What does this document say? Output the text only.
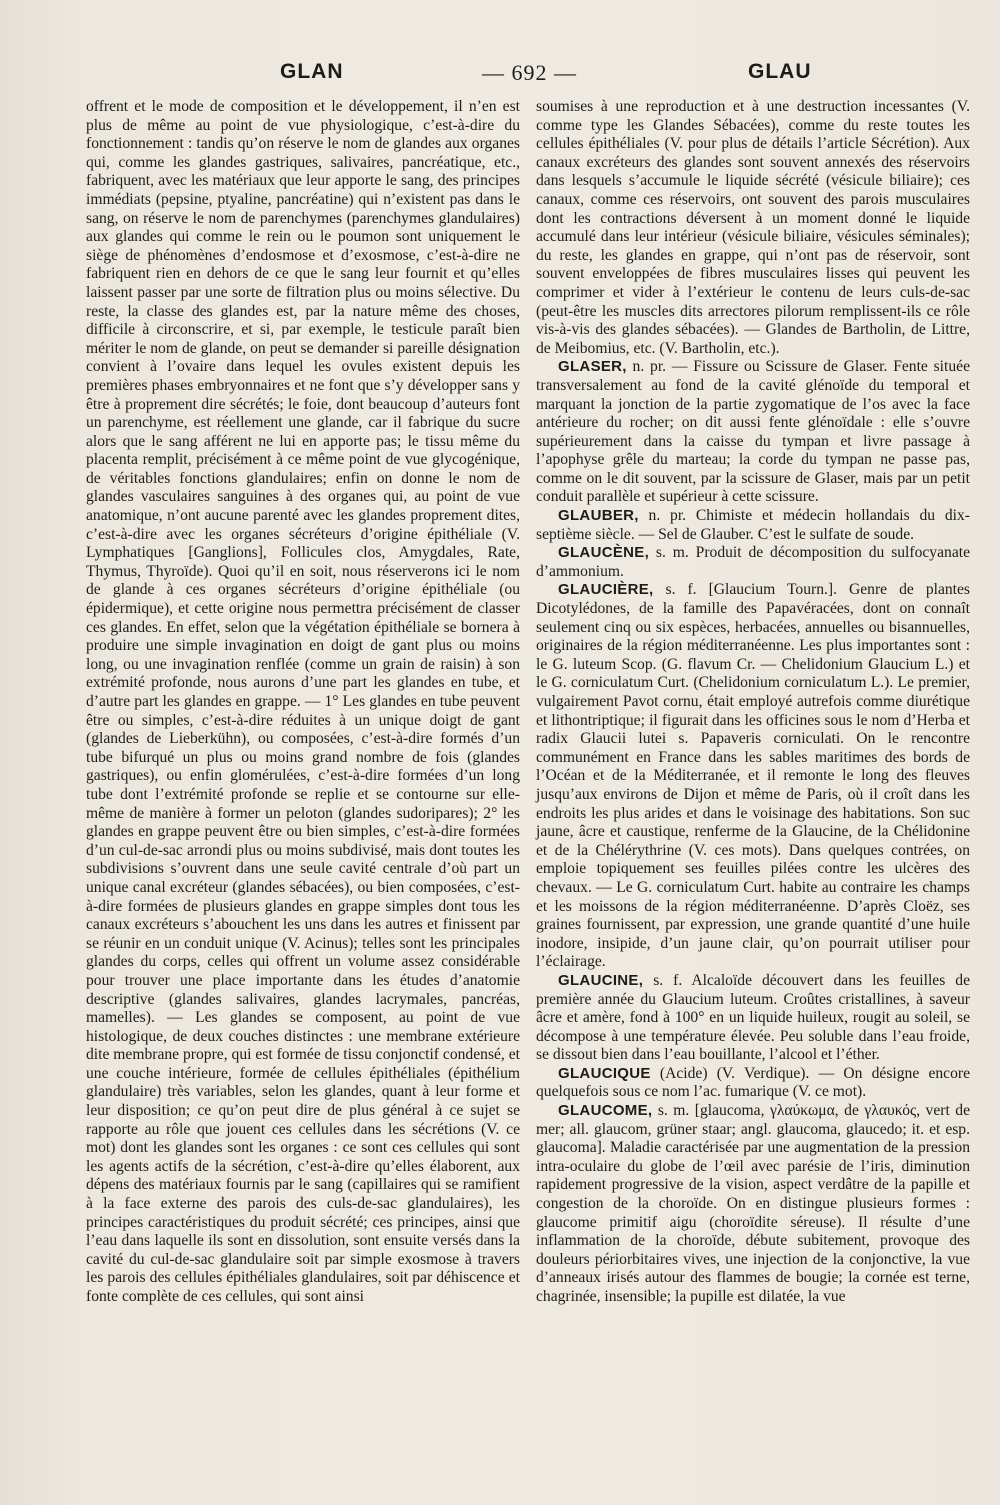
GLAN	— 692 —	GLAU

offrent et le mode de composition et le développement, il n’en est plus de même au point de vue physiologique, c’est-à-dire du fonctionnement : tandis qu’on réserve le nom de glandes aux organes qui, comme les glandes gastriques, salivaires, pancréatique, etc., fabriquent, avec les matériaux que leur apporte le sang, des principes immédiats (pepsine, ptyaline, pancréatine) qui n’existent pas dans le sang, on réserve le nom de parenchymes (parenchymes glandulaires) aux glandes qui comme le rein ou le poumon sont uniquement le siège de phénomènes d’endosmose et d’exosmose, c’est-à-dire ne fabriquent rien en dehors de ce que le sang leur fournit et qu’elles laissent passer par une sorte de filtration plus ou moins sélective. Du reste, la classe des glandes est, par la nature même des choses, difficile à circonscrire, et si, par exemple, le testicule paraît bien mériter le nom de glande, on peut se demander si pareille désignation convient à l’ovaire dans lequel les ovules existent depuis les premières phases embryonnaires et ne font que s’y développer sans y être à proprement dire sécrétés; le foie, dont beaucoup d’auteurs font un parenchyme, est réellement une glande, car il fabrique du sucre alors que le sang afférent ne lui en apporte pas; le tissu même du placenta remplit, précisément à ce même point de vue glycogénique, de véritables fonctions glandulaires; enfin on donne le nom de glandes vasculaires sanguines à des organes qui, au point de vue anatomique, n’ont aucune parenté avec les glandes proprement dites, c’est-à-dire avec les organes sécréteurs d’origine épithéliale (V. Lymphatiques [Ganglions], Follicules clos, Amygdales, Rate, Thymus, Thyroïde). Quoi qu’il en soit, nous réserverons ici le nom de glande à ces organes sécréteurs d’origine épithéliale (ou épidermique), et cette origine nous permettra précisément de classer ces glandes. En effet, selon que la végétation épithéliale se bornera à produire une simple invagination en doigt de gant plus ou moins long, ou une invagination renflée (comme un grain de raisin) à son extrémité profonde, nous aurons d’une part les glandes en tube, et d’autre part les glandes en grappe. — 1° Les glandes en tube peuvent être ou simples, c’est-à-dire réduites à un unique doigt de gant (glandes de Lieberkühn), ou composées, c’est-à-dire formés d’un tube bifurqué un plus ou moins grand nombre de fois (glandes gastriques), ou enfin glomérulées, c’est-à-dire formées d’un long tube dont l’extrémité profonde se replie et se contourne sur elle-même de manière à former un peloton (glandes sudoripares); 2° les glandes en grappe peuvent être ou bien simples, c’est-à-dire formées d’un cul-de-sac arrondi plus ou moins subdivisé, mais dont toutes les subdivisions s’ouvrent dans une seule cavité centrale d’où part un unique canal excréteur (glandes sébacées), ou bien composées, c’est-à-dire formées de plusieurs glandes en grappe simples dont tous les canaux excréteurs s’abouchent les uns dans les autres et finissent par se réunir en un conduit unique (V. Acinus); telles sont les principales glandes du corps, celles qui offrent un volume assez considérable pour trouver une place importante dans les études d’anatomie descriptive (glandes salivaires, glandes lacrymales, pancréas, mamelles). — Les glandes se composent, au point de vue histologique, de deux couches distinctes : une membrane extérieure dite membrane propre, qui est formée de tissu conjonctif condensé, et une couche intérieure, formée de cellules épithéliales (épithélium glandulaire) très variables, selon les glandes, quant à leur forme et leur disposition; ce qu’on peut dire de plus général à ce sujet se rapporte au rôle que jouent ces cellules dans les sécrétions (V. ce mot) dont les glandes sont les organes : ce sont ces cellules qui sont les agents actifs de la sécrétion, c’est-à-dire qu’elles élaborent, aux dépens des matériaux fournis par le sang (capillaires qui se ramifient à la face externe des parois des culs-de-sac glandulaires), les principes caractéristiques du produit sécrété; ces principes, ainsi que l’eau dans laquelle ils sont en dissolution, sont ensuite versés dans la cavité du cul-de-sac glandulaire soit par simple exosmose à travers les parois des cellules épithéliales glandulaires, soit par déhiscence et fonte complète de ces cellules, qui sont ainsi

soumises à une reproduction et à une destruction incessantes (V. comme type les Glandes Sébacées), comme du reste toutes les cellules épithéliales (V. pour plus de détails l’article Sécrétion). Aux canaux excréteurs des glandes sont souvent annexés des réservoirs dans lesquels s’accumule le liquide sécrété (vésicule biliaire); ces canaux, comme ces réservoirs, ont souvent des parois musculaires dont les contractions déversent à un moment donné le liquide accumulé dans leur intérieur (vésicule biliaire, vésicules séminales); du reste, les glandes en grappe, qui n’ont pas de réservoir, sont souvent enveloppées de fibres musculaires lisses qui peuvent les comprimer et vider à l’extérieur le contenu de leurs culs-de-sac (peut-être les muscles dits arrectores pilorum remplissent-ils ce rôle vis-à-vis des glandes sébacées). — Glandes de Bartholin, de Littre, de Meibomius, etc. (V. Bartholin, etc.).

GLASER, n. pr. — Fissure ou Scissure de Glaser. Fente située transversalement au fond de la cavité glénoïde du temporal et marquant la jonction de la partie zygomatique de l’os avec la face antérieure du rocher; on dit aussi fente glénoïdale : elle s’ouvre supérieurement dans la caisse du tympan et livre passage à l’apophyse grêle du marteau; la corde du tympan ne passe pas, comme on le dit souvent, par la scissure de Glaser, mais par un petit conduit parallèle et supérieur à cette scissure.

GLAUBER, n. pr. Chimiste et médecin hollandais du dix-septième siècle. — Sel de Glauber. C’est le sulfate de soude.

GLAUCÈNE, s. m. Produit de décomposition du sulfocyanate d’ammonium.

GLAUCIÈRE, s. f. [Glaucium Tourn.]. Genre de plantes Dicotylédones, de la famille des Papavéracées, dont on connaît seulement cinq ou six espèces, herbacées, annuelles ou bisannuelles, originaires de la région méditerranéenne. Les plus importantes sont : le G. luteum Scop. (G. flavum Cr. — Chelidonium Glaucium L.) et le G. corniculatum Curt. (Chelidonium corniculatum L.). Le premier, vulgairement Pavot cornu, était employé autrefois comme diurétique et lithontriptique; il figurait dans les officines sous le nom d’Herba et radix Glaucii lutei s. Papaveris corniculati. On le rencontre communément en France dans les sables maritimes des bords de l’Océan et de la Méditerranée, et il remonte le long des fleuves jusqu’aux environs de Dijon et même de Paris, où il croît dans les endroits les plus arides et dans le voisinage des habitations. Son suc jaune, âcre et caustique, renferme de la Glaucine, de la Chélidonine et de la Chélérythrine (V. ces mots). Dans quelques contrées, on emploie topiquement ses feuilles pilées contre les ulcères des chevaux. — Le G. corniculatum Curt. habite au contraire les champs et les moissons de la région méditerranéenne. D’après Cloëz, ses graines fournissent, par expression, une grande quantité d’une huile inodore, insipide, d’un jaune clair, qu’on pourrait utiliser pour l’éclairage.

GLAUCINE, s. f. Alcaloïde découvert dans les feuilles de première année du Glaucium luteum. Croûtes cristallines, à saveur âcre et amère, fond à 100° en un liquide huileux, rougit au soleil, se décompose à une température élevée. Peu soluble dans l’eau froide, se dissout bien dans l’eau bouillante, l’alcool et l’éther.

GLAUCIQUE (Acide) (V. Verdique). — On désigne encore quelquefois sous ce nom l’ac. fumarique (V. ce mot).

GLAUCOME, s. m. [glaucoma, γλαύκωμα, de γλαυκός, vert de mer; all. glaucom, grüner staar; angl. glaucoma, glaucedo; it. et esp. glaucoma]. Maladie caractérisée par une augmentation de la pression intra-oculaire du globe de l’œil avec parésie de l’iris, diminution rapidement progressive de la vision, aspect verdâtre de la papille et congestion de la choroïde. On en distingue plusieurs formes : glaucome primitif aigu (choroïdite séreuse). Il résulte d’une inflammation de la choroïde, débute subitement, provoque des douleurs périorbitaires vives, une injection de la conjonctive, la vue d’anneaux irisés autour des flammes de bougie; la cornée est terne, chagrinée, insensible; la pupille est dilatée, la vue
